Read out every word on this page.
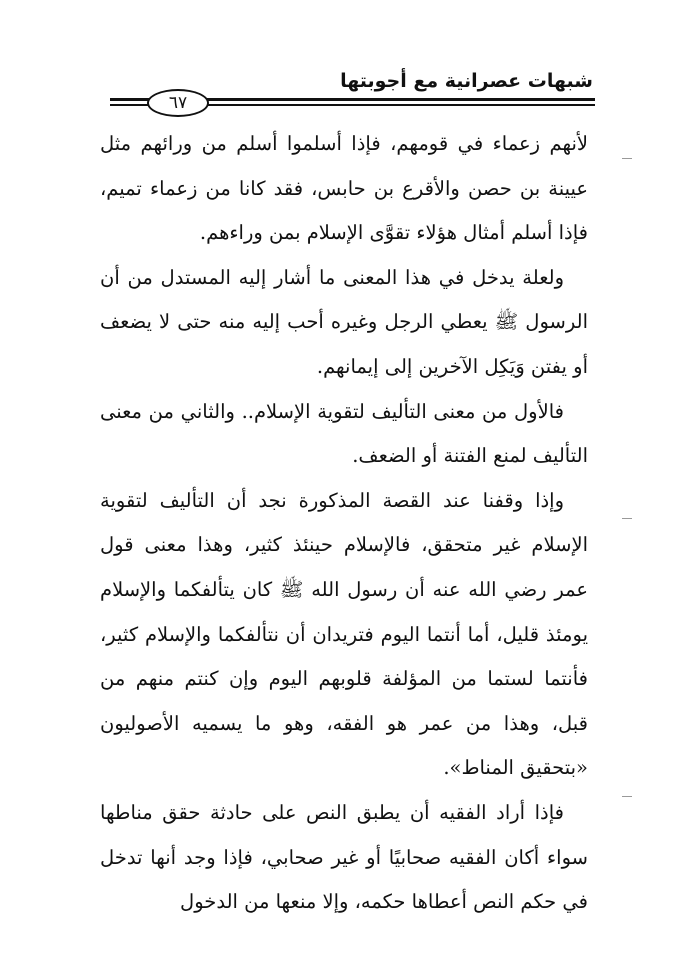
شبهات عصرانية مع أجوبتها
٦٧

لأنهم زعماء في قومهم، فإذا أسلموا أسلم من ورائهم مثل عيينة بن حصن والأقرع بن حابس، فقد كانا من زعماء تميم، فإذا أسلم أمثال هؤلاء تقوَّى الإسلام بمن وراءهم.

ولعلة يدخل في هذا المعنى ما أشار إليه المستدل من أن الرسول ﷺ يعطي الرجل وغيره أحب إليه منه حتى لا يضعف أو يفتن وَيَكِل الآخرين إلى إيمانهم.

فالأول من معنى التأليف لتقوية الإسلام.. والثاني من معنى التأليف لمنع الفتنة أو الضعف.

وإذا وقفنا عند القصة المذكورة نجد أن التأليف لتقوية الإسلام غير متحقق، فالإسلام حينئذ كثير، وهذا معنى قول عمر رضي الله عنه أن رسول الله ﷺ كان يتألفكما والإسلام يومئذ قليل، أما أنتما اليوم فتريدان أن نتألفكما والإسلام كثير، فأنتما لستما من المؤلفة قلوبهم اليوم وإن كنتم منهم من قبل، وهذا من عمر هو الفقه، وهو ما يسميه الأصوليون «بتحقيق المناط».

فإذا أراد الفقيه أن يطبق النص على حادثة حقق مناطها سواء أكان الفقيه صحابيًا أو غير صحابي، فإذا وجد أنها تدخل في حكم النص أعطاها حكمه، وإلا منعها من الدخول
